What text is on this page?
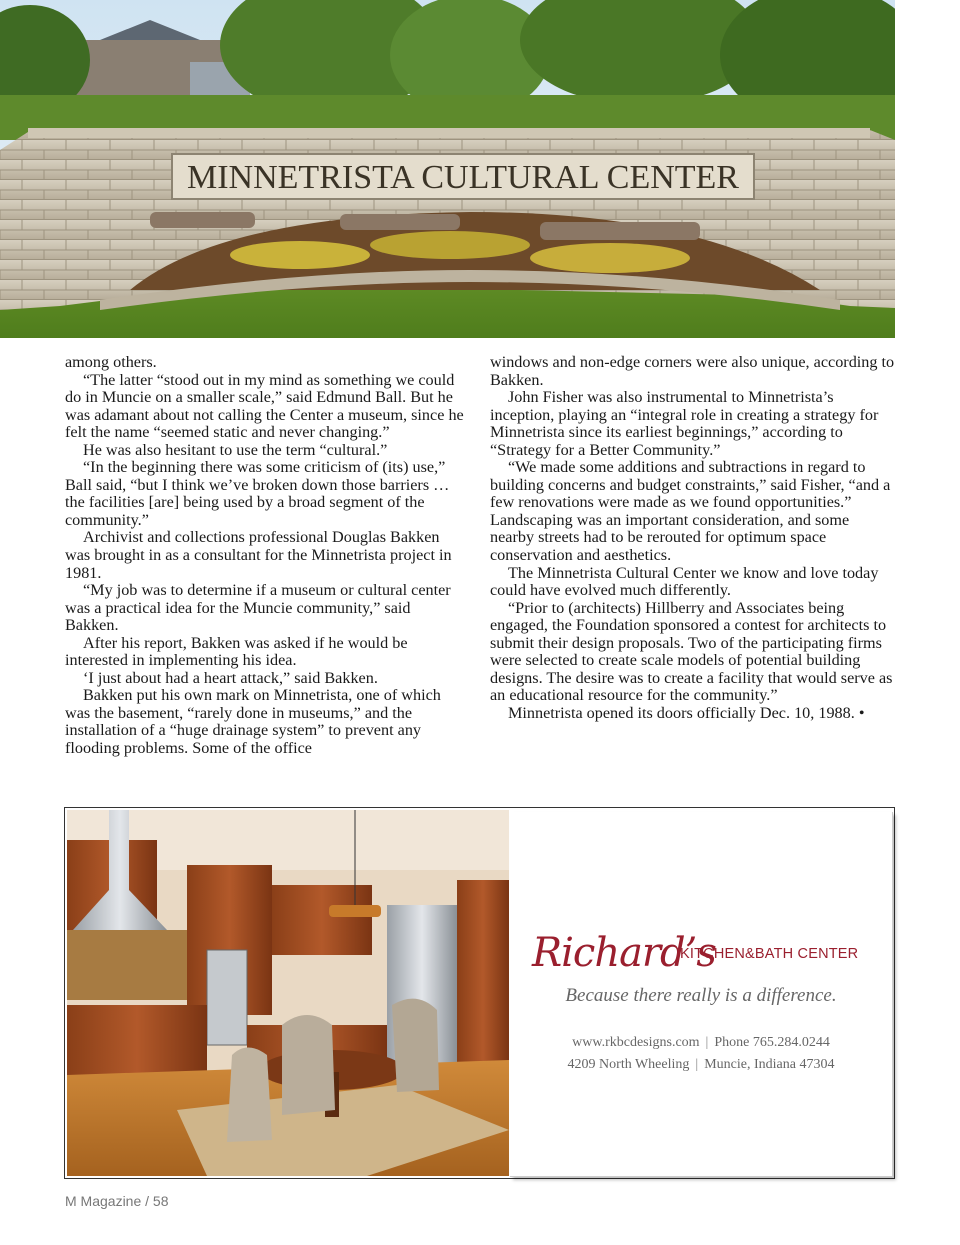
MINNETRISTA CULTURAL CENTER

among others.

“The latter “stood out in my mind as something we could do in Muncie on a smaller scale,” said Edmund Ball. But he was adamant about not calling the Center a museum, since he felt the name “seemed static and never changing.”

He was also hesitant to use the term “cultural.”

“In the beginning there was some criticism of (its) use,” Ball said, “but I think we’ve broken down those barriers … the facilities [are] being used by a broad segment of the community.”

Archivist and collections professional Douglas Bakken was brought in as a consultant for the Minnetrista project in 1981.

“My job was to determine if a museum or cultural center was a practical idea for the Muncie community,” said Bakken.

After his report, Bakken was asked if he would be interested in implementing his idea.

‘I just about had a heart attack,” said Bakken.

Bakken put his own mark on Minnetrista, one of which was the basement, “rarely done in museums,” and the installation of a “huge drainage system” to prevent any flooding problems. Some of the office

windows and non-edge corners were also unique, according to Bakken.

John Fisher was also instrumental to Minnetrista’s inception, playing an “integral role in creating a strategy for Minnetrista since its earliest beginnings,” according to “Strategy for a Better Community.”

“We made some additions and subtractions in regard to building concerns and budget constraints,” said Fisher, “and a few renovations were made as we found opportunities.” Landscaping was an important consideration, and some nearby streets had to be rerouted for optimum space conservation and aesthetics.

The Minnetrista Cultural Center we know and love today could have evolved much differently.

“Prior to (architects) Hillberry and Associates being engaged, the Foundation sponsored a contest for architects to submit their design proposals. Two of the participating firms were selected to create scale models of potential building designs. The desire was to create a facility that would serve as an educational resource for the community.”

Minnetrista opened its doors officially Dec. 10, 1988. •

Richard’s
KITCHEN&BATH CENTER
Because there really is a difference.
www.rkbcdesigns.com | Phone 765.284.0244
4209 North Wheeling | Muncie, Indiana 47304
M Magazine / 58
